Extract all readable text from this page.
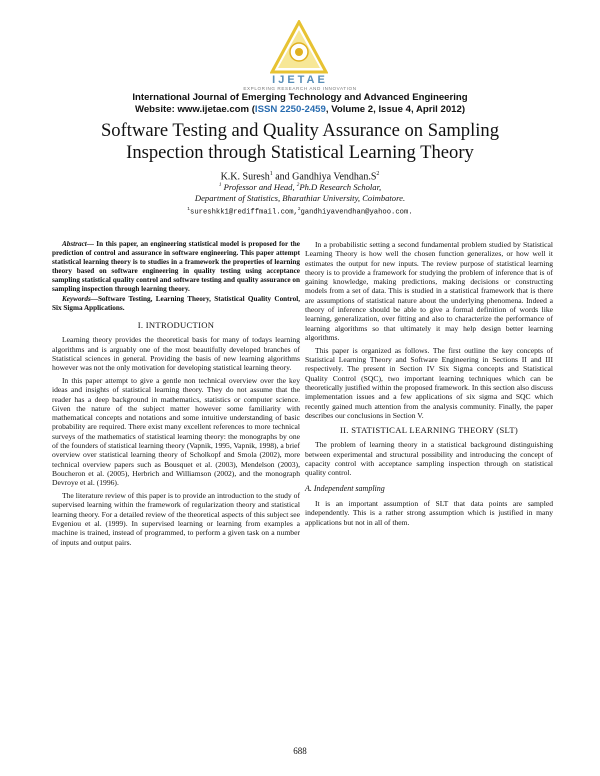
IJETAE
EXPLORING RESEARCH AND INNOVATION
International Journal of Emerging Technology and Advanced Engineering
Website: www.ijetae.com (ISSN 2250-2459, Volume 2, Issue 4, April 2012)
Software Testing and Quality Assurance on Sampling
Inspection through Statistical Learning Theory
K.K. Suresh$^1$ and Gandhiya $Vendhan.S^2$
$^1$ Professor and Head, $^2$Ph.D Research Scholar,
Department of Statistics, Bharathiar University, Coimbatore.
$^1$sureshkk1@rediffmail.com,$^2$gandhiyavendhan@yahoo.com.
Abstract— In this paper, an engineering statistical model is proposed for the prediction of control and assurance in software engineering. This paper attempt statistical learning theory is to studies in a framework the properties of learning theory based on software engineering in quality testing using acceptance sampling statistical quality control and software testing and quality assurance on sampling inspection through learning theory.
Keywords—Software Testing, Learning Theory, Statistical Quality Control, Six Sigma Applications.

I. INTRODUCTION

Learning theory provides the theoretical basis for many of todays learning algorithms and is arguably one of the most beautifully developed branches of Statistical sciences in general. Providing the basis of new learning algorithms however was not the only motivation for developing statistical learning theory.

In this paper attempt to give a gentle non technical overview over the key ideas and insights of statistical learning theory. They do not assume that the reader has a deep background in mathematics, statistics or computer science. Given the nature of the subject matter however some familiarity with mathematical concepts and notations and some intuitive understanding of basic probability are required. There exist many excellent references to more technical surveys of the mathematics of statistical learning theory: the monographs by one of the founders of statistical learning theory (Vapnik, 1995, Vapnik, 1998), a brief overview over statistical learning theory of Scholkopf and Smola (2002), more technical overview papers such as Bousquet et al. (2003), Mendelson (2003), Boucheron et al. (2005), Herbrich and Williamson (2002), and the monograph Devroye et al. (1996).

The literature review of this paper is to provide an introduction to the study of supervised learning within the framework of regularization theory and statistical learning theory. For a detailed review of the theoretical aspects of this subject see Evgeniou et al. (1999). In supervised learning or learning from examples a machine is trained, instead of programmed, to perform a given task on a number of inputs and output pairs.

In a probabilistic setting a second fundamental problem studied by Statistical Learning Theory is how well the chosen function generalizes, or how well it estimates the output for new inputs. The review purpose of statistical learning theory is to provide a framework for studying the problem of inference that is of gaining knowledge, making predictions, making decisions or constructing models from a set of data. This is studied in a statistical framework that is there are assumptions of statistical nature about the underlying phenomena. Indeed a theory of inference should be able to give a formal definition of words like learning, generalization, over fitting and also to characterize the performance of learning algorithms so that ultimately it may help design better learning algorithms.

This paper is organized as follows. The first outline the key concepts of Statistical Learning Theory and Software Engineering in Sections II and III respectively. The present in Section IV Six Sigma concepts and Statistical Quality Control (SQC), two important learning techniques which can be theoretically justified within the proposed framework. In this section also discuss implementation issues and a few applications of six sigma and SQC which recently gained much attention from the analysis community. Finally, the paper describes our conclusions in Section V.

II. STATISTICAL LEARNING THEORY (SLT)

The problem of learning theory in a statistical background distinguishing between experimental and structural possibility and introducing the concept of capacity control with acceptance sampling inspection through on statistical quality control.

A. Independent sampling

It is an important assumption of SLT that data points are sampled independently. This is a rather strong assumption which is justified in many applications but not in all of them.

688
